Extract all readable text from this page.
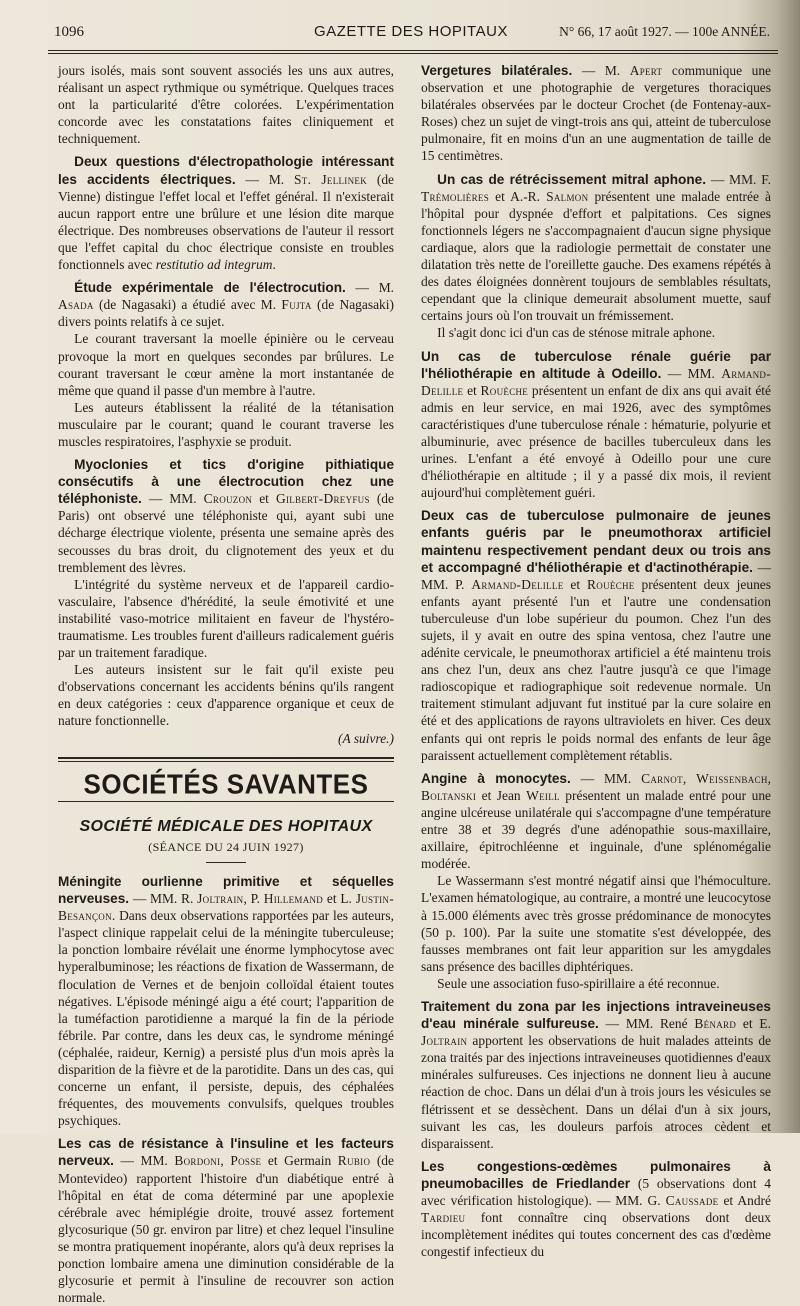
1096	GAZETTE DES HOPITAUX	N° 66, 17 août 1927. — 100e ANNÉE.

jours isolés, mais sont souvent associés les uns aux autres, réalisant un aspect rythmique ou symétrique. Quelques traces ont la particularité d'être colorées. L'expérimentation concorde avec les constatations faites cliniquement et techniquement.

Deux questions d'électropathologie intéressant les accidents électriques. — M. St. Jellinek (de Vienne) distingue l'effet local et l'effet général. Il n'existerait aucun rapport entre une brûlure et une lésion dite marque électrique. Des nombreuses observations de l'auteur il ressort que l'effet capital du choc électrique consiste en troubles fonctionnels avec restitutio ad integrum.

Étude expérimentale de l'électrocution. — M. Asada (de Nagasaki) a étudié avec M. Fujta (de Nagasaki) divers points relatifs à ce sujet.

Le courant traversant la moelle épinière ou le cerveau provoque la mort en quelques secondes par brûlures. Le courant traversant le cœur amène la mort instantanée de même que quand il passe d'un membre à l'autre.

Les auteurs établissent la réalité de la tétanisation musculaire par le courant; quand le courant traverse les muscles respiratoires, l'asphyxie se produit.

Myoclonies et tics d'origine pithiatique consécutifs à une électrocution chez une téléphoniste. — MM. Crouzon et Gilbert-Dreyfus (de Paris) ont observé une téléphoniste qui, ayant subi une décharge électrique violente, présenta une semaine après des secousses du bras droit, du clignotement des yeux et du tremblement des lèvres.

L'intégrité du système nerveux et de l'appareil cardio-vasculaire, l'absence d'hérédité, la seule émotivité et une instabilité vaso-motrice militaient en faveur de l'hystéro-traumatisme. Les troubles furent d'ailleurs radicalement guéris par un traitement faradique.

Les auteurs insistent sur le fait qu'il existe peu d'observations concernant les accidents bénins qu'ils rangent en deux catégories : ceux d'apparence organique et ceux de nature fonctionnelle.

(A suivre.)

SOCIÉTÉS SAVANTES
SOCIÉTÉ MÉDICALE DES HOPITAUX
(SÉANCE DU 24 JUIN 1927)

Méningite ourlienne primitive et séquelles nerveuses. — MM. R. Joltrain, P. Hillemand et L. Justin-Besançon. Dans deux observations rapportées par les auteurs, l'aspect clinique rappelait celui de la méningite tuberculeuse; la ponction lombaire révélait une énorme lymphocytose avec hyperalbuminose; les réactions de fixation de Wassermann, de floculation de Vernes et de benjoin colloïdal étaient toutes négatives. L'épisode méningé aigu a été court; l'apparition de la tuméfaction parotidienne a marqué la fin de la période fébrile. Par contre, dans les deux cas, le syndrome méningé (céphalée, raideur, Kernig) a persisté plus d'un mois après la disparition de la fièvre et de la parotidite. Dans un des cas, qui concerne un enfant, il persiste, depuis, des céphalées fréquentes, des mouvements convulsifs, quelques troubles psychiques.

Les cas de résistance à l'insuline et les facteurs nerveux. — MM. Bordoni, Posse et Germain Rubio (de Montevideo) rapportent l'histoire d'un diabétique entré à l'hôpital en état de coma déterminé par une apoplexie cérébrale avec hémiplégie droite, trouvé assez fortement glycosurique (50 gr. environ par litre) et chez lequel l'insuline se montra pratiquement inopérante, alors qu'à deux reprises la ponction lombaire amena une diminution considérable de la glycosurie et permit à l'insuline de recouvrer son action normale.

Vergetures bilatérales. — M. Apert communique une observation et une photographie de vergetures thoraciques bilatérales observées par le docteur Crochet (de Fontenay-aux-Roses) chez un sujet de vingt-trois ans qui, atteint de tuberculose pulmonaire, fit en moins d'un an une augmentation de taille de 15 centimètres.

Un cas de rétrécissement mitral aphone. — MM. F. Trémolières et A.-R. Salmon présentent une malade entrée à l'hôpital pour dyspnée d'effort et palpitations. Ces signes fonctionnels légers ne s'accompagnaient d'aucun signe physique cardiaque, alors que la radiologie permettait de constater une dilatation très nette de l'oreillette gauche. Des examens répétés à des dates éloignées donnèrent toujours de semblables résultats, cependant que la clinique demeurait absolument muette, sauf certains jours où l'on trouvait un frémissement.

Il s'agit donc ici d'un cas de sténose mitrale aphone.

Un cas de tuberculose rénale guérie par l'héliothérapie en altitude à Odeillo. — MM. Armand-Delille et Rouèche présentent un enfant de dix ans qui avait été admis en leur service, en mai 1926, avec des symptômes caractéristiques d'une tuberculose rénale : hématurie, polyurie et albuminurie, avec présence de bacilles tuberculeux dans les urines. L'enfant a été envoyé à Odeillo pour une cure d'héliothérapie en altitude ; il y a passé dix mois, il revient aujourd'hui complètement guéri.

Deux cas de tuberculose pulmonaire de jeunes enfants guéris par le pneumothorax artificiel maintenu respectivement pendant deux ou trois ans et accompagné d'héliothérapie et d'actinothérapie. — MM. P. Armand-Delille et Rouèche présentent deux jeunes enfants ayant présenté l'un et l'autre une condensation tuberculeuse d'un lobe supérieur du poumon. Chez l'un des sujets, il y avait en outre des spina ventosa, chez l'autre une adénite cervicale, le pneumothorax artificiel a été maintenu trois ans chez l'un, deux ans chez l'autre jusqu'à ce que l'image radioscopique et radiographique soit redevenue normale. Un traitement stimulant adjuvant fut institué par la cure solaire en été et des applications de rayons ultraviolets en hiver. Ces deux enfants qui ont repris le poids normal des enfants de leur âge paraissent actuellement complètement rétablis.

Angine à monocytes. — MM. Carnot, Weissenbach, Boltanski et Jean Weill présentent un malade entré pour une angine ulcéreuse unilatérale qui s'accompagne d'une température entre 38 et 39 degrés d'une adénopathie sous-maxillaire, axillaire, épitrochléenne et inguinale, d'une splénomégalie modérée.

Le Wassermann s'est montré négatif ainsi que l'hémoculture. L'examen hématologique, au contraire, a montré une leucocytose à 15.000 éléments avec très grosse prédominance de monocytes (50 p. 100). Par la suite une stomatite s'est développée, des fausses membranes ont fait leur apparition sur les amygdales sans présence des bacilles diphtériques.

Seule une association fuso-spirillaire a été reconnue.

Traitement du zona par les injections intraveineuses d'eau minérale sulfureuse. — MM. René Bénard et E. Joltrain apportent les observations de huit malades atteints de zona traités par des injections intraveineuses quotidiennes d'eaux minérales sulfureuses. Ces injections ne donnent lieu à aucune réaction de choc. Dans un délai d'un à trois jours les vésicules se flétrissent et se dessèchent. Dans un délai d'un à six jours, suivant les cas, les douleurs parfois atroces cèdent et disparaissent.

Les congestions-œdèmes pulmonaires à pneumobacilles de Friedlander (5 observations dont 4 avec vérification histologique). — MM. G. Caussade et André Tardieu font connaître cinq observations dont deux incomplètement inédites qui toutes concernent des cas d'œdème congestif infectieux du
